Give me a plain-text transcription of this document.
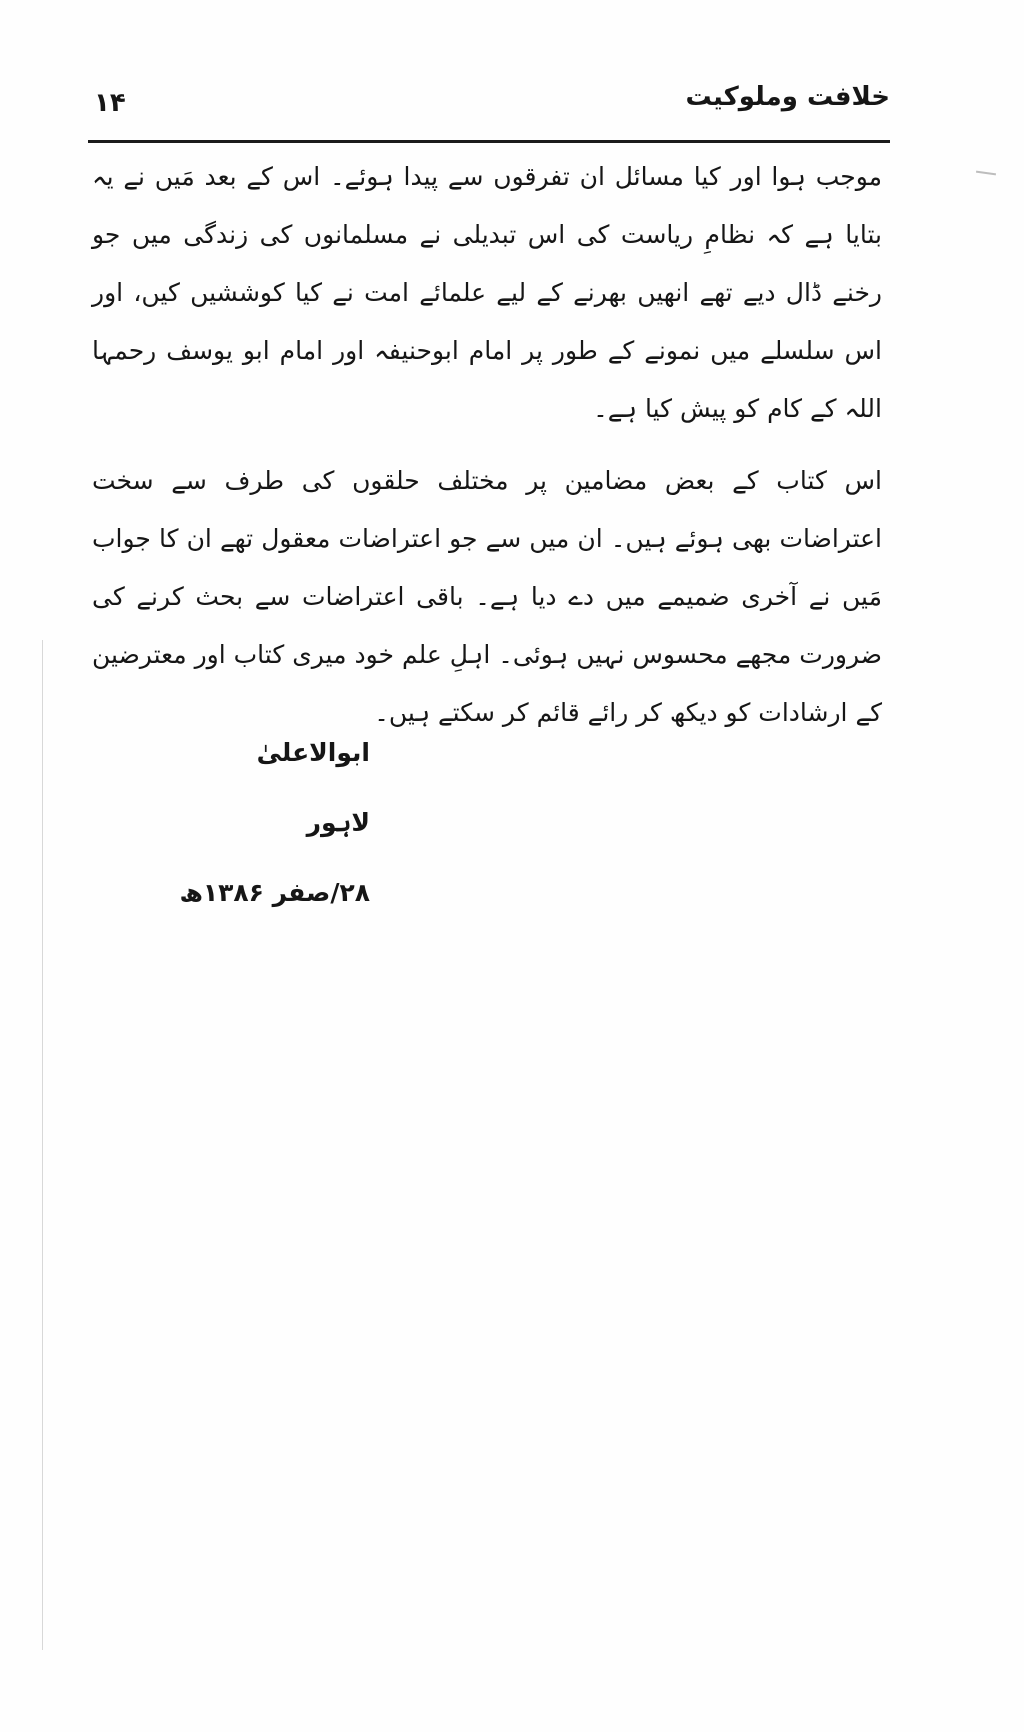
خلافت وملوکیت
۱۴

موجب ہوا اور کیا مسائل ان تفرقوں سے پیدا ہوئے۔ اس کے بعد مَیں نے یہ بتایا ہے کہ نظامِ ریاست کی اس تبدیلی نے مسلمانوں کی زندگی میں جو رخنے ڈال دیے تھے انھیں بھرنے کے لیے علمائے امت نے کیا کوششیں کیں، اور اس سلسلے میں نمونے کے طور پر امام ابوحنیفہ اور امام ابو یوسف رحمہا اللہ کے کام کو پیش کیا ہے۔

اس کتاب کے بعض مضامین پر مختلف حلقوں کی طرف سے سخت اعتراضات بھی ہوئے ہیں۔ ان میں سے جو اعتراضات معقول تھے ان کا جواب مَیں نے آخری ضمیمے میں دے دیا ہے۔ باقی اعتراضات سے بحث کرنے کی ضرورت مجھے محسوس نہیں ہوئی۔ اہلِ علم خود میری کتاب اور معترضین کے ارشادات کو دیکھ کر رائے قائم کر سکتے ہیں۔

ابوالاعلیٰ
لاہور
۲۸/صفر ۱۳۸۶ھ
